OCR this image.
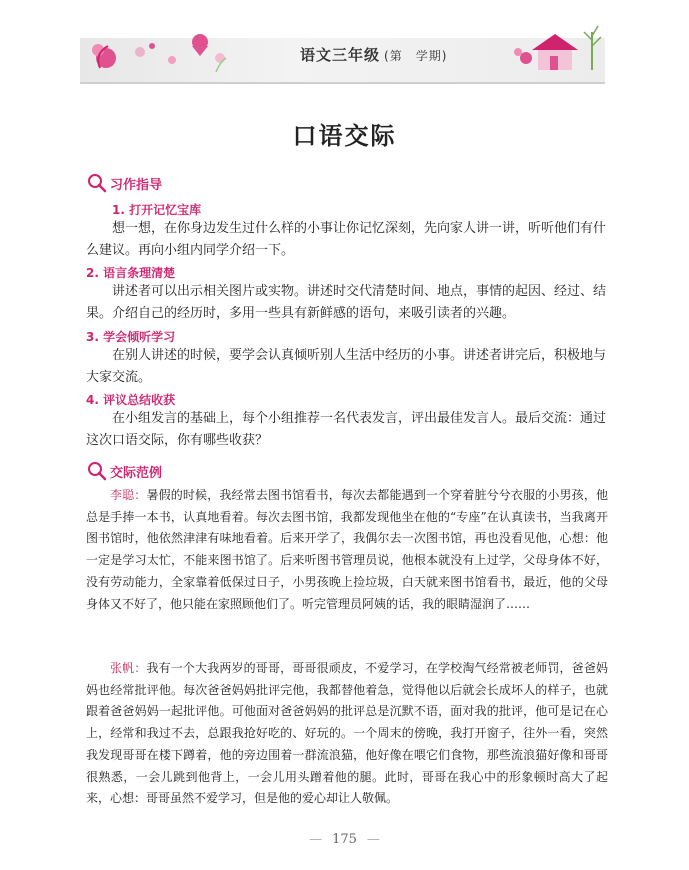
语文三年级 (第　学期)
口语交际
习作指导
1. 打开记忆宝库
想一想，在你身边发生过什么样的小事让你记忆深刻，先向家人讲一讲，听听他们有什么建议。再向小组内同学介绍一下。
2. 语言条理清楚
讲述者可以出示相关图片或实物。讲述时交代清楚时间、地点，事情的起因、经过、结果。介绍自己的经历时，多用一些具有新鲜感的语句，来吸引读者的兴趣。
3. 学会倾听学习
在别人讲述的时候，要学会认真倾听别人生活中经历的小事。讲述者讲完后，积极地与大家交流。
4. 评议总结收获
在小组发言的基础上，每个小组推荐一名代表发言，评出最佳发言人。最后交流：通过这次口语交际，你有哪些收获？
交际范例
李聪：暑假的时候，我经常去图书馆看书，每次去都能遇到一个穿着脏兮兮衣服的小男孩，他总是手捧一本书，认真地看着。每次去图书馆，我都发现他坐在他的“专座”在认真读书，当我离开图书馆时，他依然津津有味地看着。后来开学了，我偶尔去一次图书馆，再也没看见他，心想：他一定是学习太忙，不能来图书馆了。后来听图书管理员说，他根本就没有上过学，父母身体不好，没有劳动能力，全家靠着低保过日子，小男孩晚上捡垃圾，白天就来图书馆看书，最近，他的父母身体又不好了，他只能在家照顾他们了。听完管理员阿姨的话，我的眼睛湿润了……
张帆：我有一个大我两岁的哥哥，哥哥很顽皮，不爱学习，在学校淘气经常被老师罚，爸爸妈妈也经常批评他。每次爸爸妈妈批评完他，我都替他着急，觉得他以后就会长成坏人的样子，也就跟着爸爸妈妈一起批评他。可他面对爸爸妈妈的批评总是沉默不语，面对我的批评，他可是记在心上，经常和我过不去，总跟我抢好吃的、好玩的。一个周末的傍晚，我打开窗子，往外一看，突然我发现哥哥在楼下蹲着，他的旁边围着一群流浪猫，他好像在喂它们食物，那些流浪猫好像和哥哥很熟悉，一会儿跳到他背上，一会儿用头蹭着他的腿。此时，哥哥在我心中的形象顿时高大了起来，心想：哥哥虽然不爱学习，但是他的爱心却让人敬佩。
— 175 —
